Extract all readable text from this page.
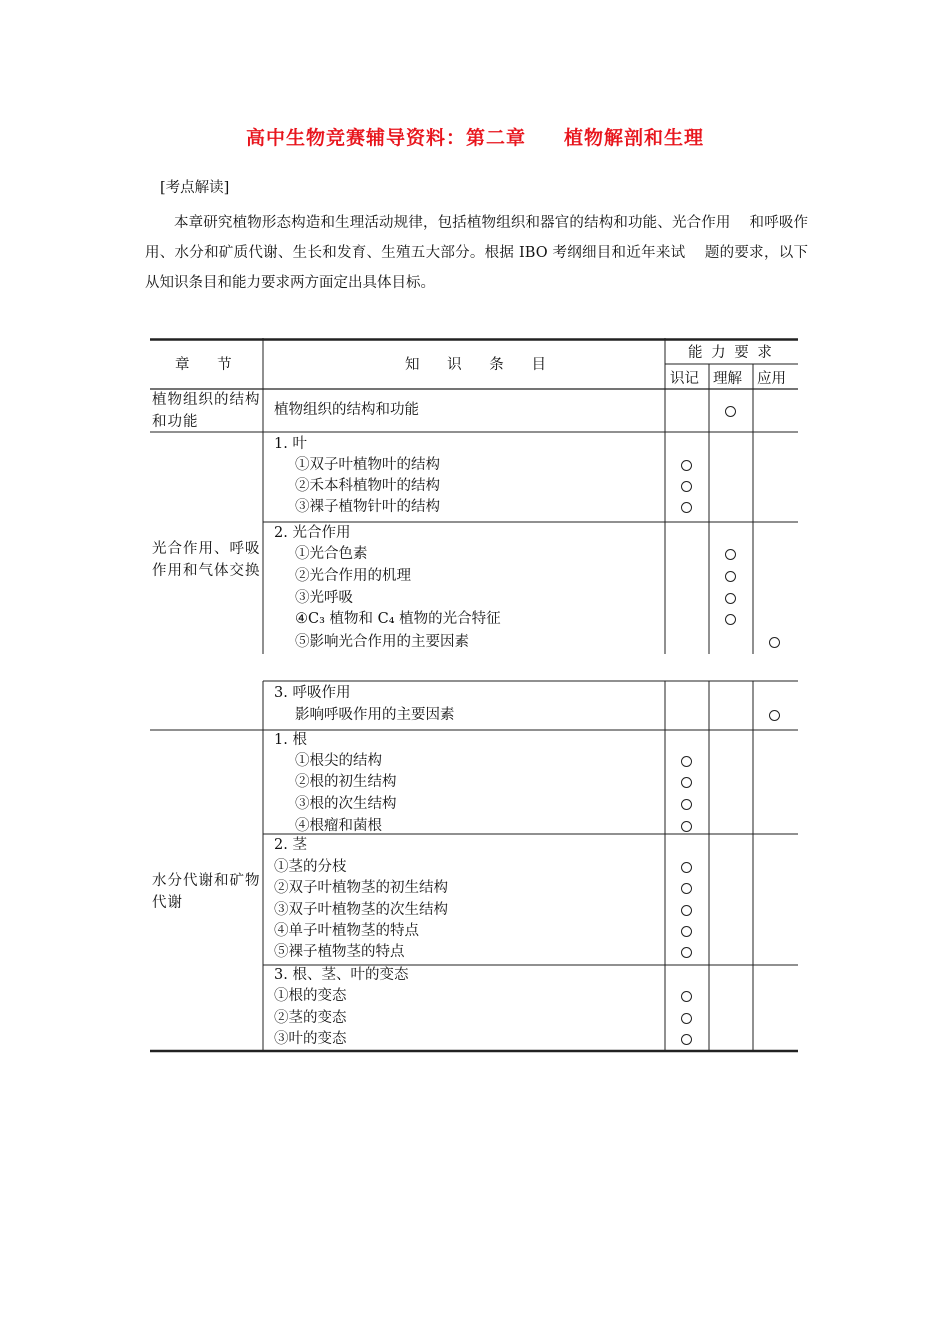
高中生物竞赛辅导资料：第二章     植物解剖和生理
[考点解读]

本章研究植物形态构造和生理活动规律，包括植物组织和器官的结构和功能、光合作用    和呼吸作用、水分和矿质代谢、生长和发育、生殖五大部分。根据 IBO 考纲细目和近年来试    题的要求，以下从知识条目和能力要求两方面定出具体目标。

章      节	知      识      条      目
能 力 要 求
识记 理解 应用
植物组织的结构和功能
光合作用、呼吸作用和气体交换
水分代谢和矿物代谢
植物组织的结构和功能
1. 叶
①双子叶植物叶的结构
②禾本科植物叶的结构
③裸子植物针叶的结构
2. 光合作用
①光合色素
②光合作用的机理
③光呼吸
④C₃ 植物和 C₄ 植物的光合特征
⑤影响光合作用的主要因素
3. 呼吸作用
影响呼吸作用的主要因素
1. 根
①根尖的结构
②根的初生结构
③根的次生结构
④根瘤和菌根
2. 茎
①茎的分枝
②双子叶植物茎的初生结构
③双子叶植物茎的次生结构
④单子叶植物茎的特点
⑤裸子植物茎的特点
3. 根、茎、叶的变态
①根的变态
②茎的变态
③叶的变态
